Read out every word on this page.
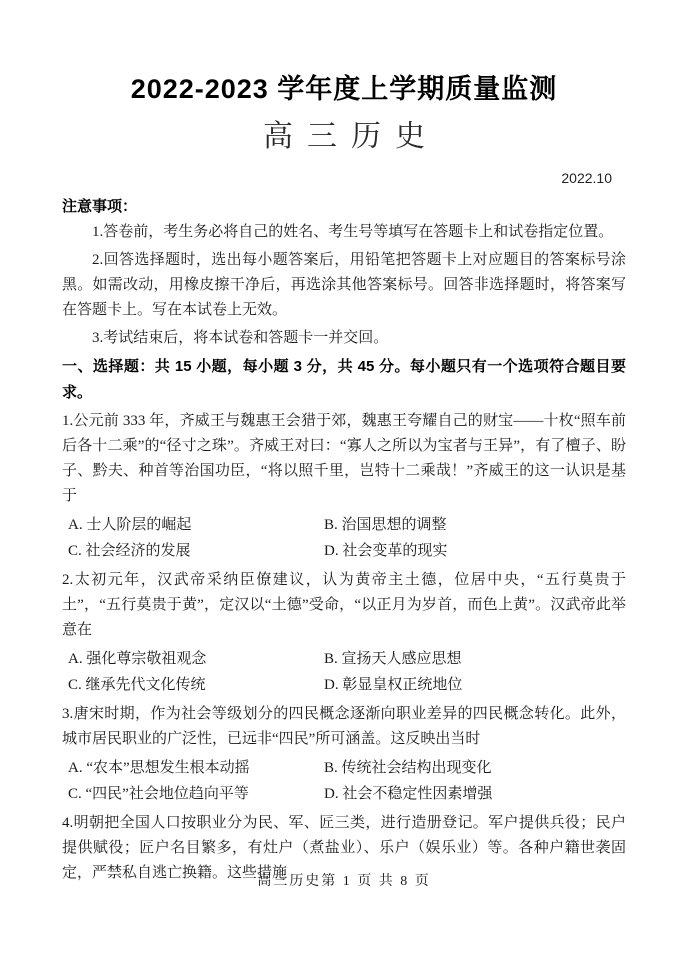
2022-2023 学年度上学期质量监测
高三历史
2022.10
注意事项：

1.答卷前，考生务必将自己的姓名、考生号等填写在答题卡上和试卷指定位置。

2.回答选择题时，选出每小题答案后，用铅笔把答题卡上对应题目的答案标号涂黑。如需改动，用橡皮擦干净后，再选涂其他答案标号。回答非选择题时，将答案写在答题卡上。写在本试卷上无效。

3.考试结束后，将本试卷和答题卡一并交回。

一、选择题：共 15 小题，每小题 3 分，共 45 分。每小题只有一个选项符合题目要求。

1.公元前 333 年，齐威王与魏惠王会猎于郊，魏惠王夸耀自己的财宝——十枚“照车前后各十二乘”的“径寸之珠”。齐威王对曰：“寡人之所以为宝者与王异”，有了檀子、盼子、黔夫、种首等治国功臣，“将以照千里，岂特十二乘哉！”齐威王的这一认识是基于

A. 士人阶层的崛起	B. 治国思想的调整
C. 社会经济的发展	D. 社会变革的现实

2.太初元年，汉武帝采纳臣僚建议，认为黄帝主土德，位居中央，“五行莫贵于土”，“五行莫贵于黄”，定汉以“土德”受命，“以正月为岁首，而色上黄”。汉武帝此举意在

A. 强化尊宗敬祖观念	B. 宣扬天人感应思想
C. 继承先代文化传统	D. 彰显皇权正统地位

3.唐宋时期，作为社会等级划分的四民概念逐渐向职业差异的四民概念转化。此外，城市居民职业的广泛性，已远非“四民”所可涵盖。这反映出当时

A. “农本”思想发生根本动摇	B. 传统社会结构出现变化
C. “四民”社会地位趋向平等	D. 社会不稳定性因素增强

4.明朝把全国人口按职业分为民、军、匠三类，进行造册登记。军户提供兵役；民户提供赋役；匠户名目繁多，有灶户（煮盐业）、乐户（娱乐业）等。各种户籍世袭固定，严禁私自逃亡换籍。这些措施

高三历史第 1 页 共 8 页
